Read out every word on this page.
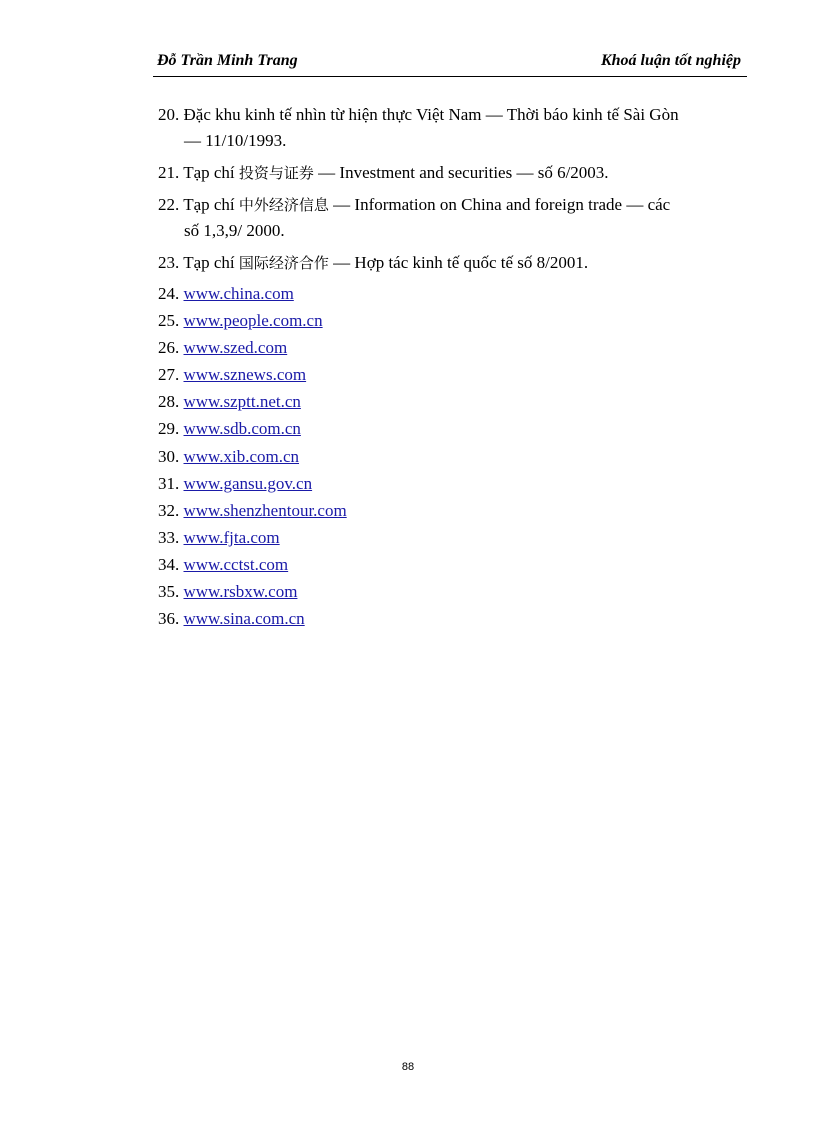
Đỗ Trần Minh Trang	Khoá luận tốt nghiệp
20. Đặc khu kinh tế nhìn từ hiện thực Việt Nam — Thời báo kinh tế Sài Gòn
— 11/10/1993.
21. Tạp chí 投资与证券 — Investment and securities — số 6/2003.
22. Tạp chí 中外经济信息 — Information on China and foreign trade — các
số 1,3,9/ 2000.
23. Tạp chí 国际经济合作 — Hợp tác kinh tế quốc tế số 8/2001.
24. www.china.com
25. www.people.com.cn
26. www.szed.com
27. www.sznews.com
28. www.szptt.net.cn
29. www.sdb.com.cn
30. www.xib.com.cn
31. www.gansu.gov.cn
32. www.shenzhentour.com
33. www.fjta.com
34. www.cctst.com
35. www.rsbxw.com
36. www.sina.com.cn
88
